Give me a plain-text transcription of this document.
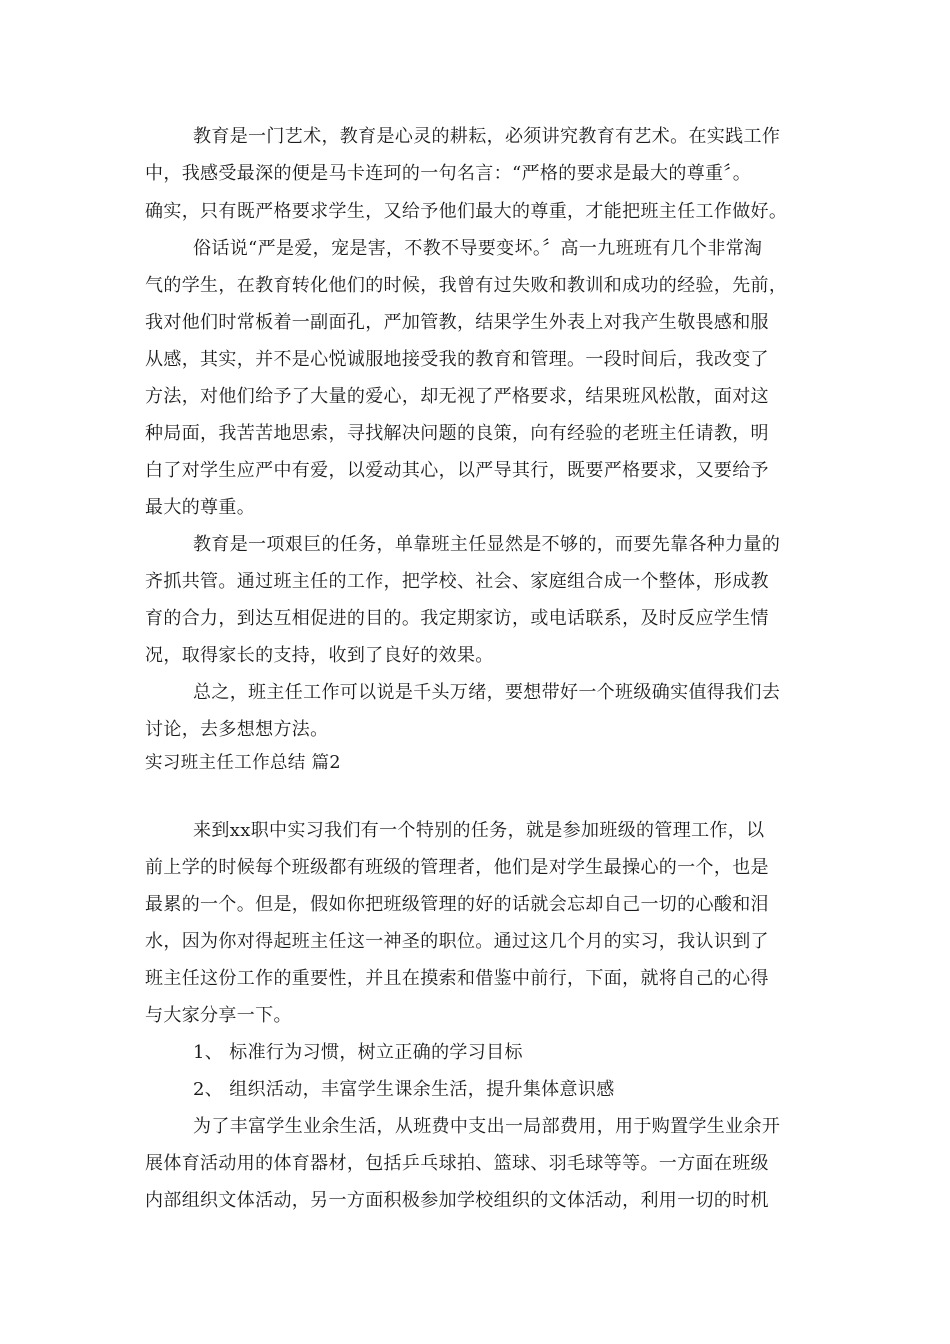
教育是一门艺术，教育是心灵的耕耘，必须讲究教育有艺术。在实践工作
中，我感受最深的便是马卡连珂的一句名言：“严格的要求是最大的尊重〞。
确实，只有既严格要求学生，又给予他们最大的尊重，才能把班主任工作做好。
俗话说“严是爱，宠是害，不教不导要变坏。〞高一九班班有几个非常淘
气的学生，在教育转化他们的时候，我曾有过失败和教训和成功的经验，先前，
我对他们时常板着一副面孔，严加管教，结果学生外表上对我产生敬畏感和服
从感，其实，并不是心悦诚服地接受我的教育和管理。一段时间后，我改变了
方法，对他们给予了大量的爱心，却无视了严格要求，结果班风松散，面对这
种局面，我苦苦地思索，寻找解决问题的良策，向有经验的老班主任请教，明
白了对学生应严中有爱，以爱动其心，以严导其行，既要严格要求，又要给予
最大的尊重。
教育是一项艰巨的任务，单靠班主任显然是不够的，而要先靠各种力量的
齐抓共管。通过班主任的工作，把学校、社会、家庭组合成一个整体，形成教
育的合力，到达互相促进的目的。我定期家访，或电话联系，及时反应学生情
况，取得家长的支持，收到了良好的效果。
总之，班主任工作可以说是千头万绪，要想带好一个班级确实值得我们去
讨论，去多想想方法。
实习班主任工作总结 篇2
来到xx职中实习我们有一个特别的任务，就是参加班级的管理工作，以
前上学的时候每个班级都有班级的管理者，他们是对学生最操心的一个，也是
最累的一个。但是，假如你把班级管理的好的话就会忘却自己一切的心酸和泪
水，因为你对得起班主任这一神圣的职位。通过这几个月的实习，我认识到了
班主任这份工作的重要性，并且在摸索和借鉴中前行，下面，就将自己的心得
与大家分享一下。
1、 标准行为习惯，树立正确的学习目标
2、 组织活动，丰富学生课余生活，提升集体意识感
为了丰富学生业余生活，从班费中支出一局部费用，用于购置学生业余开
展体育活动用的体育器材，包括乒乓球拍、篮球、羽毛球等等。一方面在班级
内部组织文体活动，另一方面积极参加学校组织的文体活动，利用一切的时机
